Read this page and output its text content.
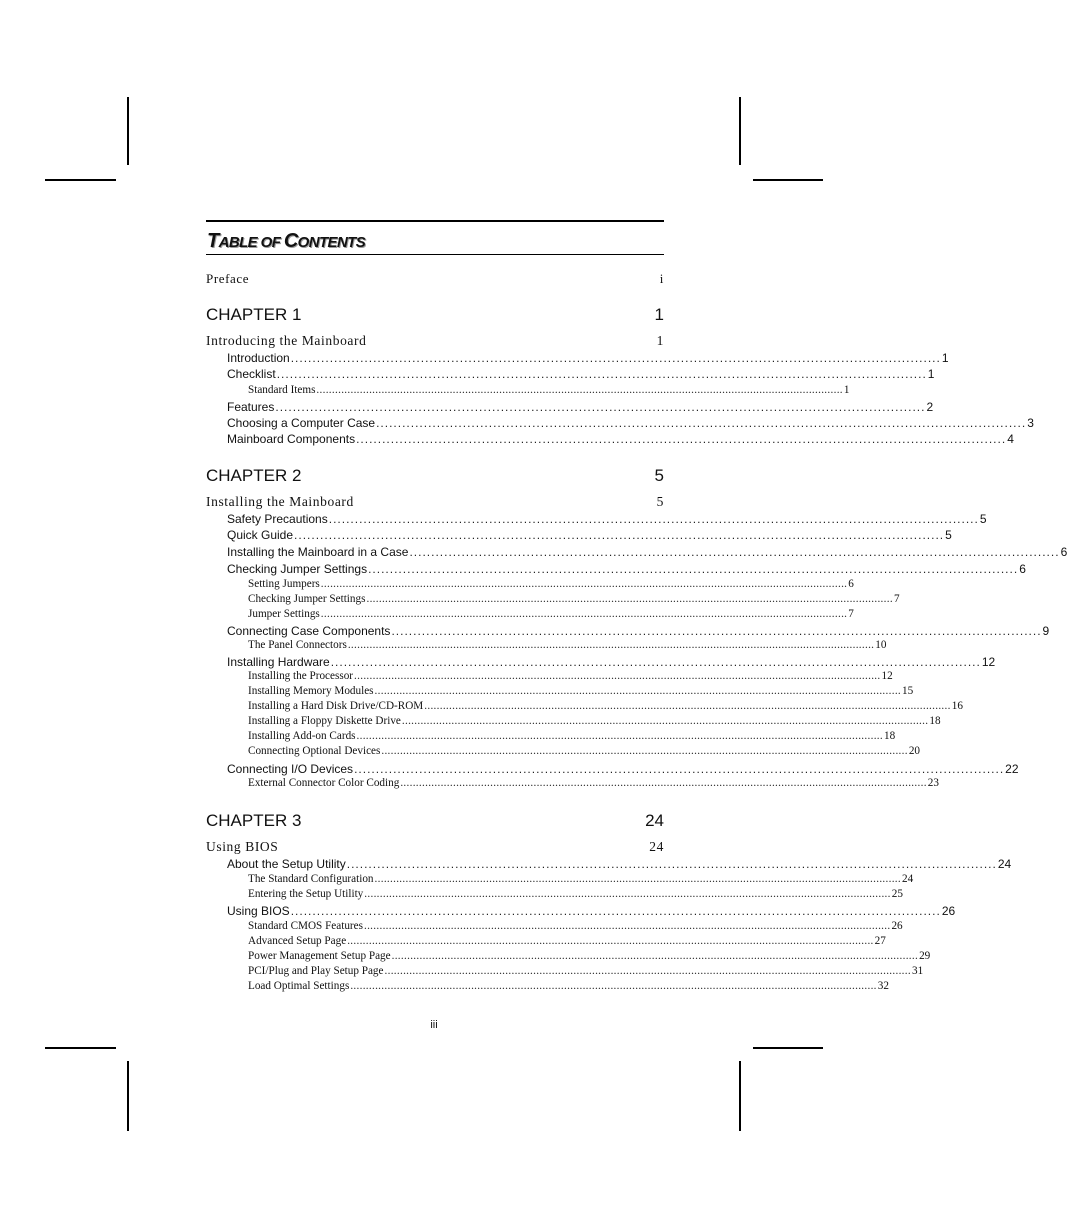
TABLE OF CONTENTS
Preface	i
CHAPTER 1	1
Introducing the Mainboard	1
Introduction ...................................................................................................................................................... 1
Checklist ...................................................................................................................................................... 1
Standard Items .......................................................................................................................................................................... 1
Features ...................................................................................................................................................... 2
Choosing a Computer Case ...................................................................................................................................................... 3
Mainboard Components ...................................................................................................................................................... 4
CHAPTER 2	5
Installing the Mainboard	5
Safety Precautions ...................................................................................................................................................... 5
Quick Guide ...................................................................................................................................................... 5
Installing the Mainboard in a Case ...................................................................................................................................................... 6
Checking Jumper Settings ...................................................................................................................................................... 6
Setting Jumpers .......................................................................................................................................................................... 6
Checking Jumper Settings .......................................................................................................................................................................... 7
Jumper Settings .......................................................................................................................................................................... 7
Connecting Case Components ...................................................................................................................................................... 9
The Panel Connectors .......................................................................................................................................................................... 10
Installing Hardware ...................................................................................................................................................... 12
Installing the Processor .......................................................................................................................................................................... 12
Installing Memory Modules .......................................................................................................................................................................... 15
Installing a Hard Disk Drive/CD-ROM .......................................................................................................................................................................... 16
Installing a Floppy Diskette Drive .......................................................................................................................................................................... 18
Installing Add-on Cards .......................................................................................................................................................................... 18
Connecting Optional Devices .......................................................................................................................................................................... 20
Connecting I/O Devices ...................................................................................................................................................... 22
External Connector Color Coding .......................................................................................................................................................................... 23
CHAPTER 3	24
Using BIOS	24
About the Setup Utility ...................................................................................................................................................... 24
The Standard Configuration .......................................................................................................................................................................... 24
Entering the Setup Utility .......................................................................................................................................................................... 25
Using BIOS ...................................................................................................................................................... 26
Standard CMOS Features .......................................................................................................................................................................... 26
Advanced Setup Page .......................................................................................................................................................................... 27
Power Management Setup Page .......................................................................................................................................................................... 29
PCI/Plug and Play Setup Page .......................................................................................................................................................................... 31
Load Optimal Settings .......................................................................................................................................................................... 32
iii
